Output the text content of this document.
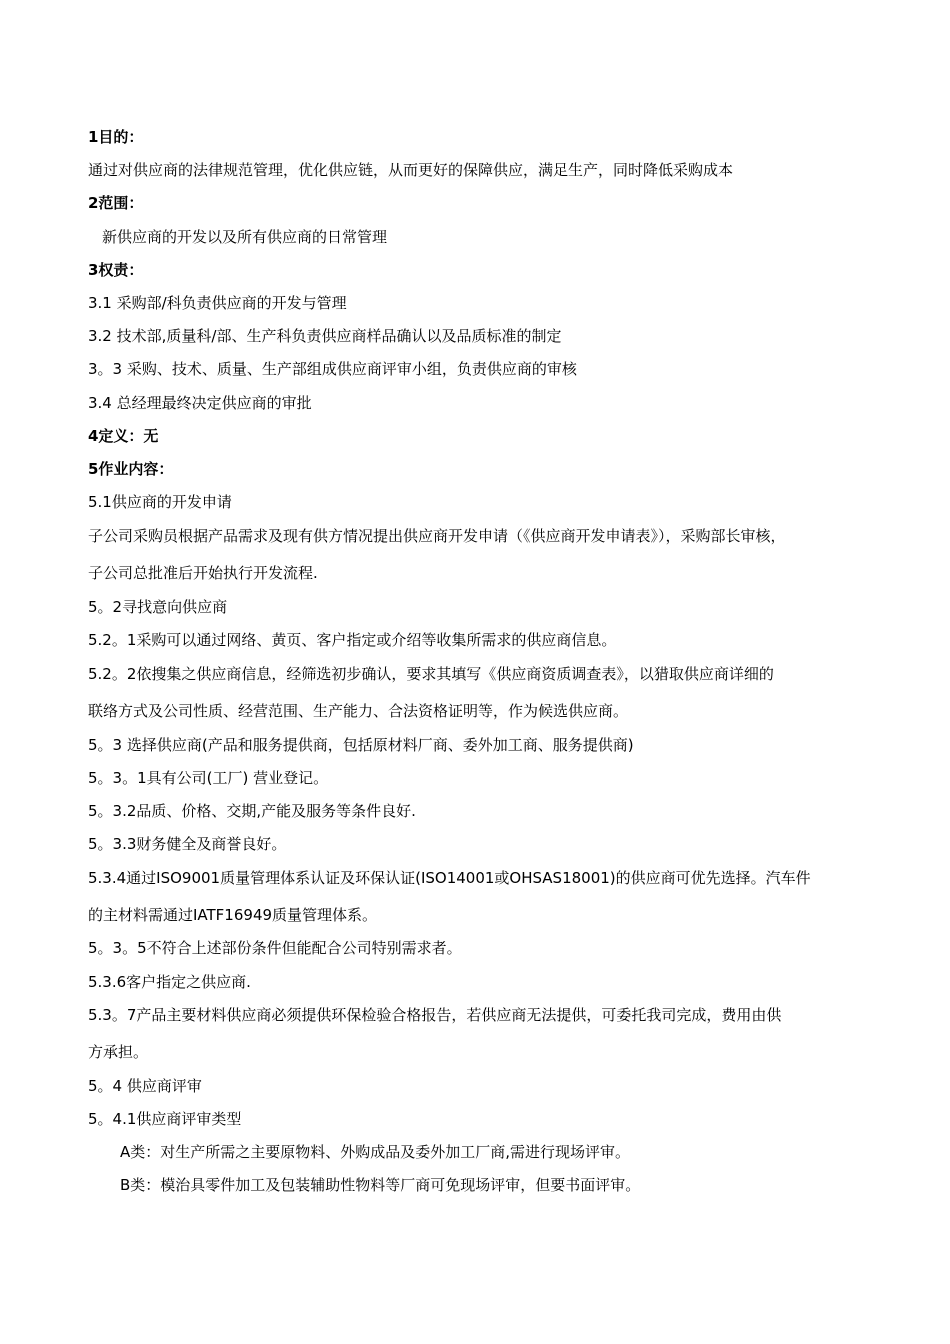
1目的：
通过对供应商的法律规范管理，优化供应链，从而更好的保障供应，满足生产，同时降低采购成本
2范围：
新供应商的开发以及所有供应商的日常管理
3权责：
3.1 采购部/科负责供应商的开发与管理
3.2 技术部,质量科/部、生产科负责供应商样品确认以及品质标准的制定
3。3 采购、技术、质量、生产部组成供应商评审小组，负责供应商的审核
3.4 总经理最终决定供应商的审批
4定义：无
5作业内容：
5.1供应商的开发申请
子公司采购员根据产品需求及现有供方情况提出供应商开发申请（《供应商开发申请表》），采购部长审核，
子公司总批准后开始执行开发流程.
5。2寻找意向供应商
5.2。1采购可以通过网络、黄页、客户指定或介绍等收集所需求的供应商信息。
5.2。2依搜集之供应商信息，经筛选初步确认，要求其填写《供应商资质调查表》，以猎取供应商详细的
联络方式及公司性质、经营范围、生产能力、合法资格证明等，作为候选供应商。
5。3 选择供应商(产品和服务提供商，包括原材料厂商、委外加工商、服务提供商)
5。3。1具有公司(工厂) 营业登记。
5。3.2品质、价格、交期,产能及服务等条件良好.
5。3.3财务健全及商誉良好。
5.3.4通过ISO9001质量管理体系认证及环保认证(ISO14001或OHSAS18001)的供应商可优先选择。汽车件
的主材料需通过IATF16949质量管理体系。
5。3。5不符合上述部份条件但能配合公司特别需求者。
5.3.6客户指定之供应商.
5.3。7产品主要材料供应商必须提供环保检验合格报告，若供应商无法提供，可委托我司完成，费用由供
方承担。
5。4 供应商评审
5。4.1供应商评审类型
A类：对生产所需之主要原物料、外购成品及委外加工厂商,需进行现场评审。
B类：模治具零件加工及包装辅助性物料等厂商可免现场评审，但要书面评审。
